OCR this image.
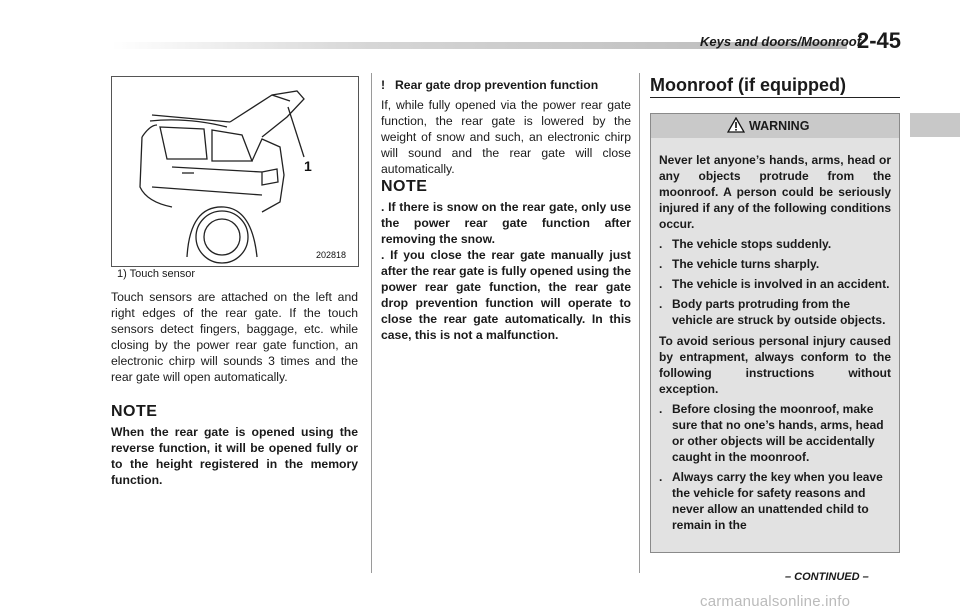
Keys and doors/Moonroof
2-45
1
202818
1) Touch sensor
Touch sensors are attached on the left and right edges of the rear gate. If the touch sensors detect fingers, baggage, etc. while closing by the power rear gate function, an electronic chirp will sounds 3 times and the rear gate will open automatically.
NOTE
When the rear gate is opened using the reverse function, it will be opened fully or to the height registered in the memory function.
! Rear gate drop prevention function
If, while fully opened via the power rear gate function, the rear gate is lowered by the weight of snow and such, an electronic chirp will sound and the rear gate will close automatically.
NOTE
. If there is snow on the rear gate, only use the power rear gate function after removing the snow.
. If you close the rear gate manually just after the rear gate is fully opened using the power rear gate function, the rear gate drop prevention function will operate to close the rear gate automatically. In this case, this is not a malfunction.
Moonroof (if equipped)
WARNING
Never let anyone’s hands, arms, head or any objects protrude from the moonroof. A person could be seriously injured if any of the following conditions occur.
. The vehicle stops suddenly.
. The vehicle turns sharply.
. The vehicle is involved in an accident.
. Body parts protruding from the vehicle are struck by outside objects.
To avoid serious personal injury caused by entrapment, always conform to the following instructions without exception.
. Before closing the moonroof, make sure that no one’s hands, arms, head or other objects will be accidentally caught in the moonroof.
. Always carry the key when you leave the vehicle for safety reasons and never allow an unattended child to remain in the
– CONTINUED –
carmanualsonline.info
